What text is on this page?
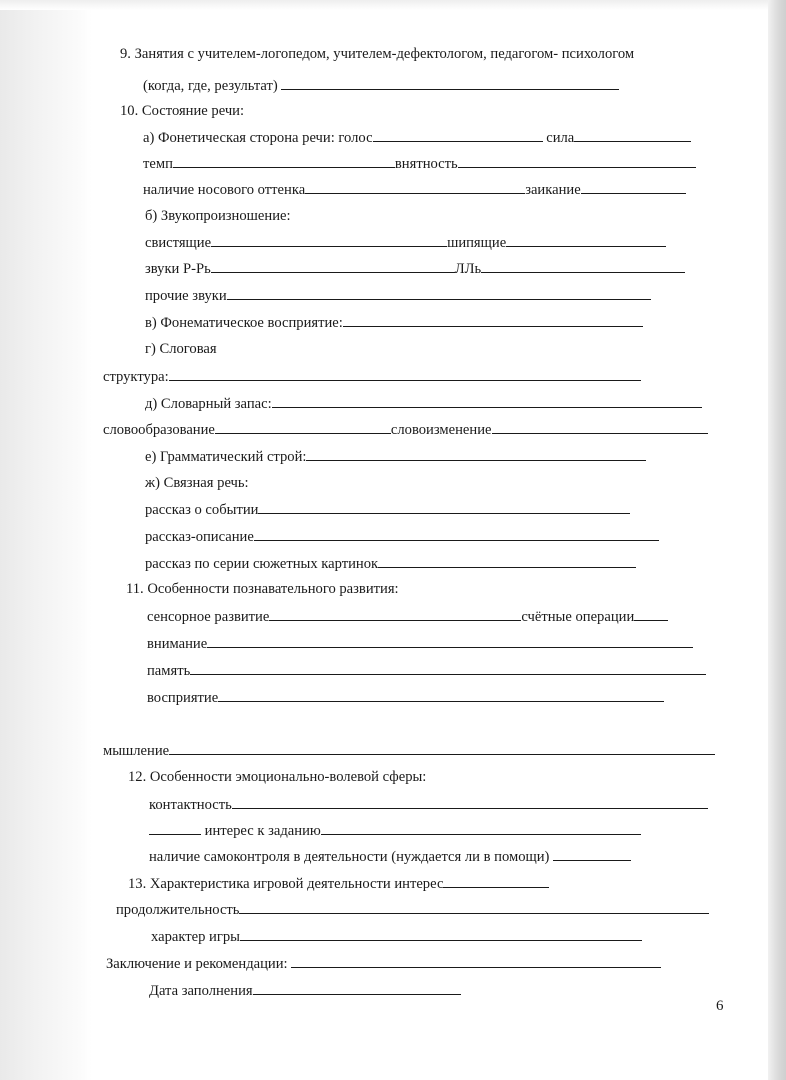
9. Занятия с учителем-логопедом, учителем-дефектологом, педагогом- психологом
(когда, где, результат)
10. Состояние речи:
а) Фонетическая сторона речи: голос	сила
темп	внятность
наличие носового оттенка	заикание
б) Звукопроизношение:
свистящие	шипящие
звуки Р-Рь	ЛЛь
прочие звуки
в) Фонематическое восприятие:
г) Слоговая
структура:
д) Словарный запас:
словообразование	словоизменение
е) Грамматический строй:
ж) Связная речь:
рассказ о событии
рассказ-описание
рассказ по серии сюжетных картинок
11. Особенности познавательного развития:
сенсорное развитие	счётные операции
внимание
память
восприятие
мышление
12. Особенности эмоционально-волевой сферы:
контактность
интерес к заданию
наличие самоконтроля в деятельности (нуждается ли в помощи)
13. Характеристика игровой деятельности интерес
продолжительность
характер игры
Заключение и рекомендации:
Дата заполнения
6
